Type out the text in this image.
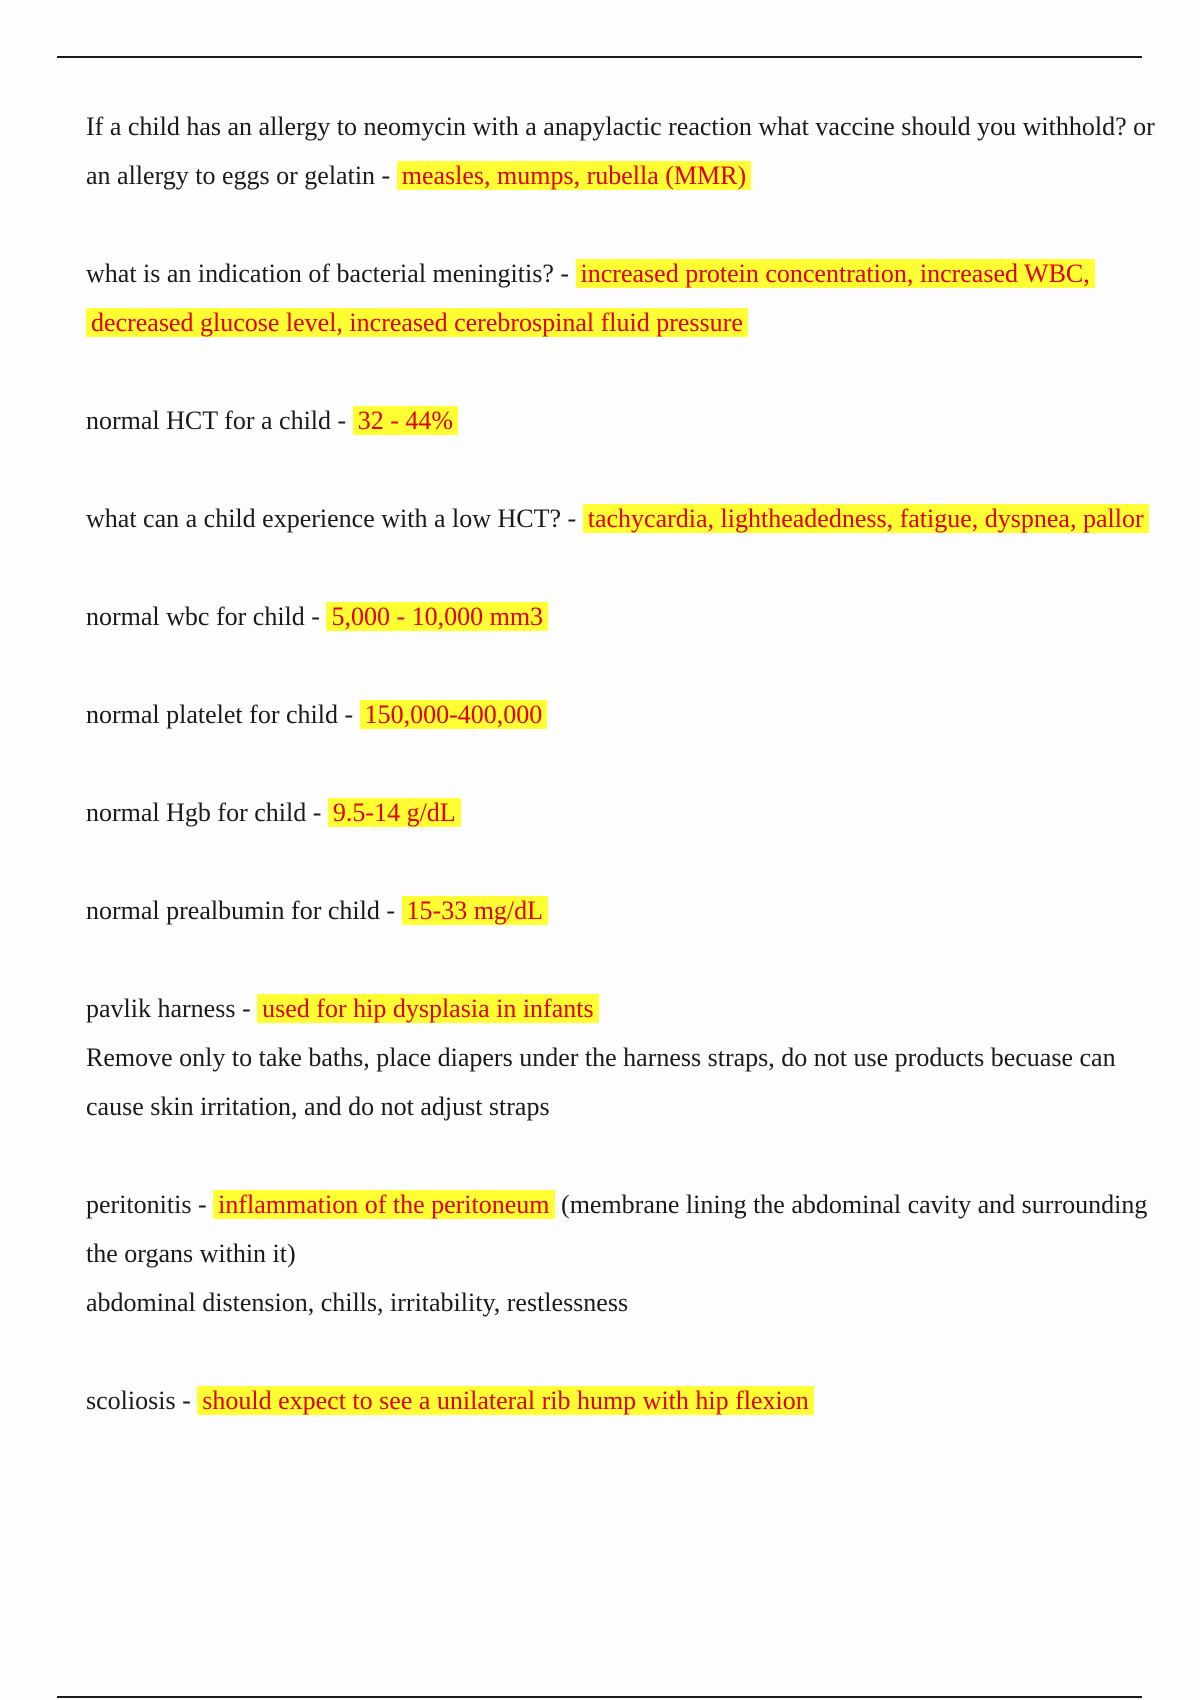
If a child has an allergy to neomycin with a anapylactic reaction what vaccine should you withhold? or an allergy to eggs or gelatin - measles, mumps, rubella (MMR)

what is an indication of bacterial meningitis? - increased protein concentration, increased WBC, decreased glucose level, increased cerebrospinal fluid pressure

normal HCT for a child - 32 - 44%

what can a child experience with a low HCT? - tachycardia, lightheadedness, fatigue, dyspnea, pallor

normal wbc for child - 5,000 - 10,000 mm3

normal platelet for child - 150,000-400,000

normal Hgb for child - 9.5-14 g/dL

normal prealbumin for child - 15-33 mg/dL

pavlik harness - used for hip dysplasia in infants

Remove only to take baths, place diapers under the harness straps, do not use products becuase can cause skin irritation, and do not adjust straps

peritonitis - inflammation of the peritoneum (membrane lining the abdominal cavity and surrounding the organs within it)

abdominal distension, chills, irritability, restlessness

scoliosis - should expect to see a unilateral rib hump with hip flexion
